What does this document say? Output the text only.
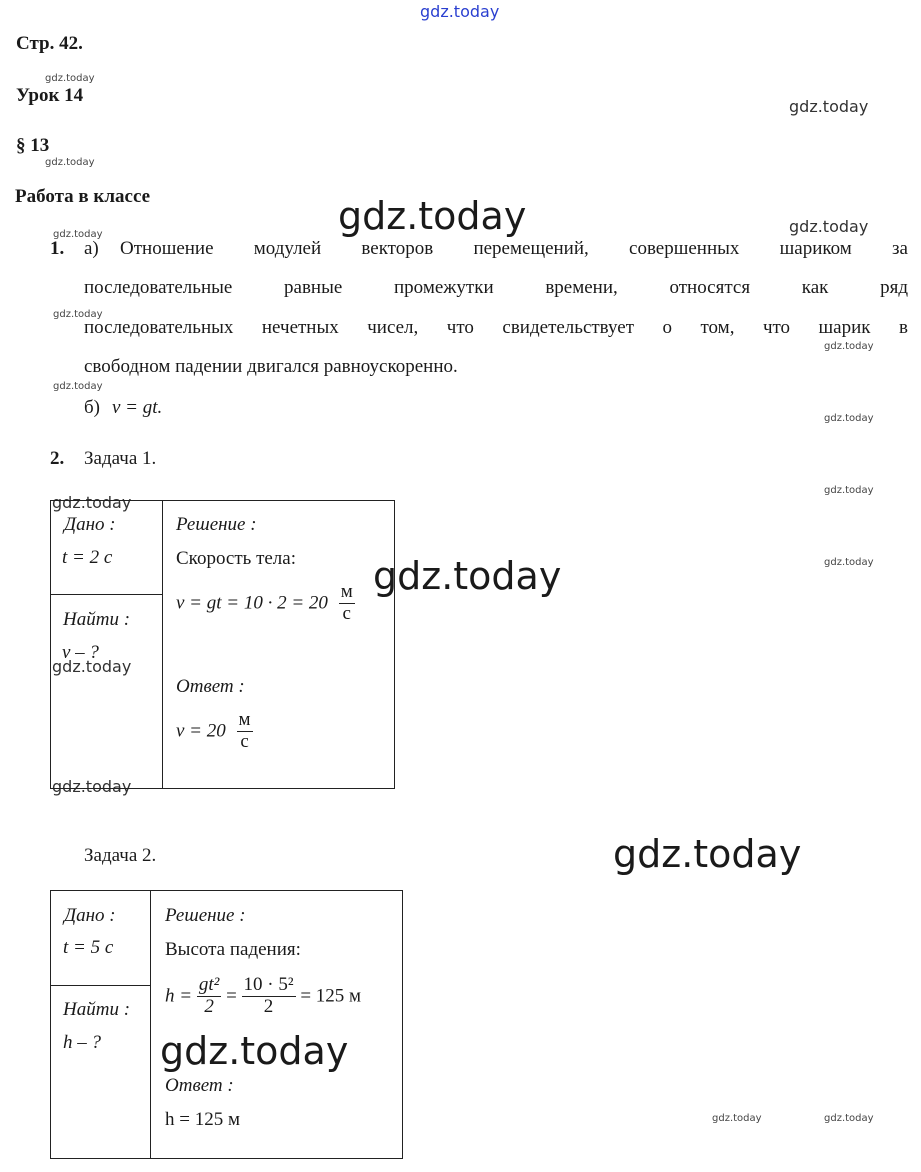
gdz.today
gdz.today
gdz.today
gdz.today
gdz.today	gdz.today
gdz.today
gdz.today
gdz.today
gdz.today
gdz.today
gdz.today
gdz.today
gdz.today
gdz.today
gdz.today
gdz.today
gdz.today
gdz.today
gdz.today	gdz.today
Стр. 42.
Урок 14
§ 13
Работа в классе
1. а) Отношение модулей векторов перемещений, совершенных шариком за
последовательные равные промежутки времени, относятся как ряд
последовательных нечетных чисел, что свидетельствует о том, что шарик в
свободном падении двигался равноускоренно.
б) v = gt.
2. Задача 1.
Дано :
t = 2 с
Найти :
v – ?
Решение :
Скорость тела:
v = gt = $10 \cdot 2 = 20 \frac{м}{с}$
Ответ :
$v = 20 \frac{м}{с}$
Задача 2.
Дано :
t = 5 с
Найти :
h – ?
Решение :
Высота падения:
$h = \frac{\text{gt²}}{2} = \frac{\text{10 · 5²}}{2} = 125$ м
Ответ :
h = 125 м
